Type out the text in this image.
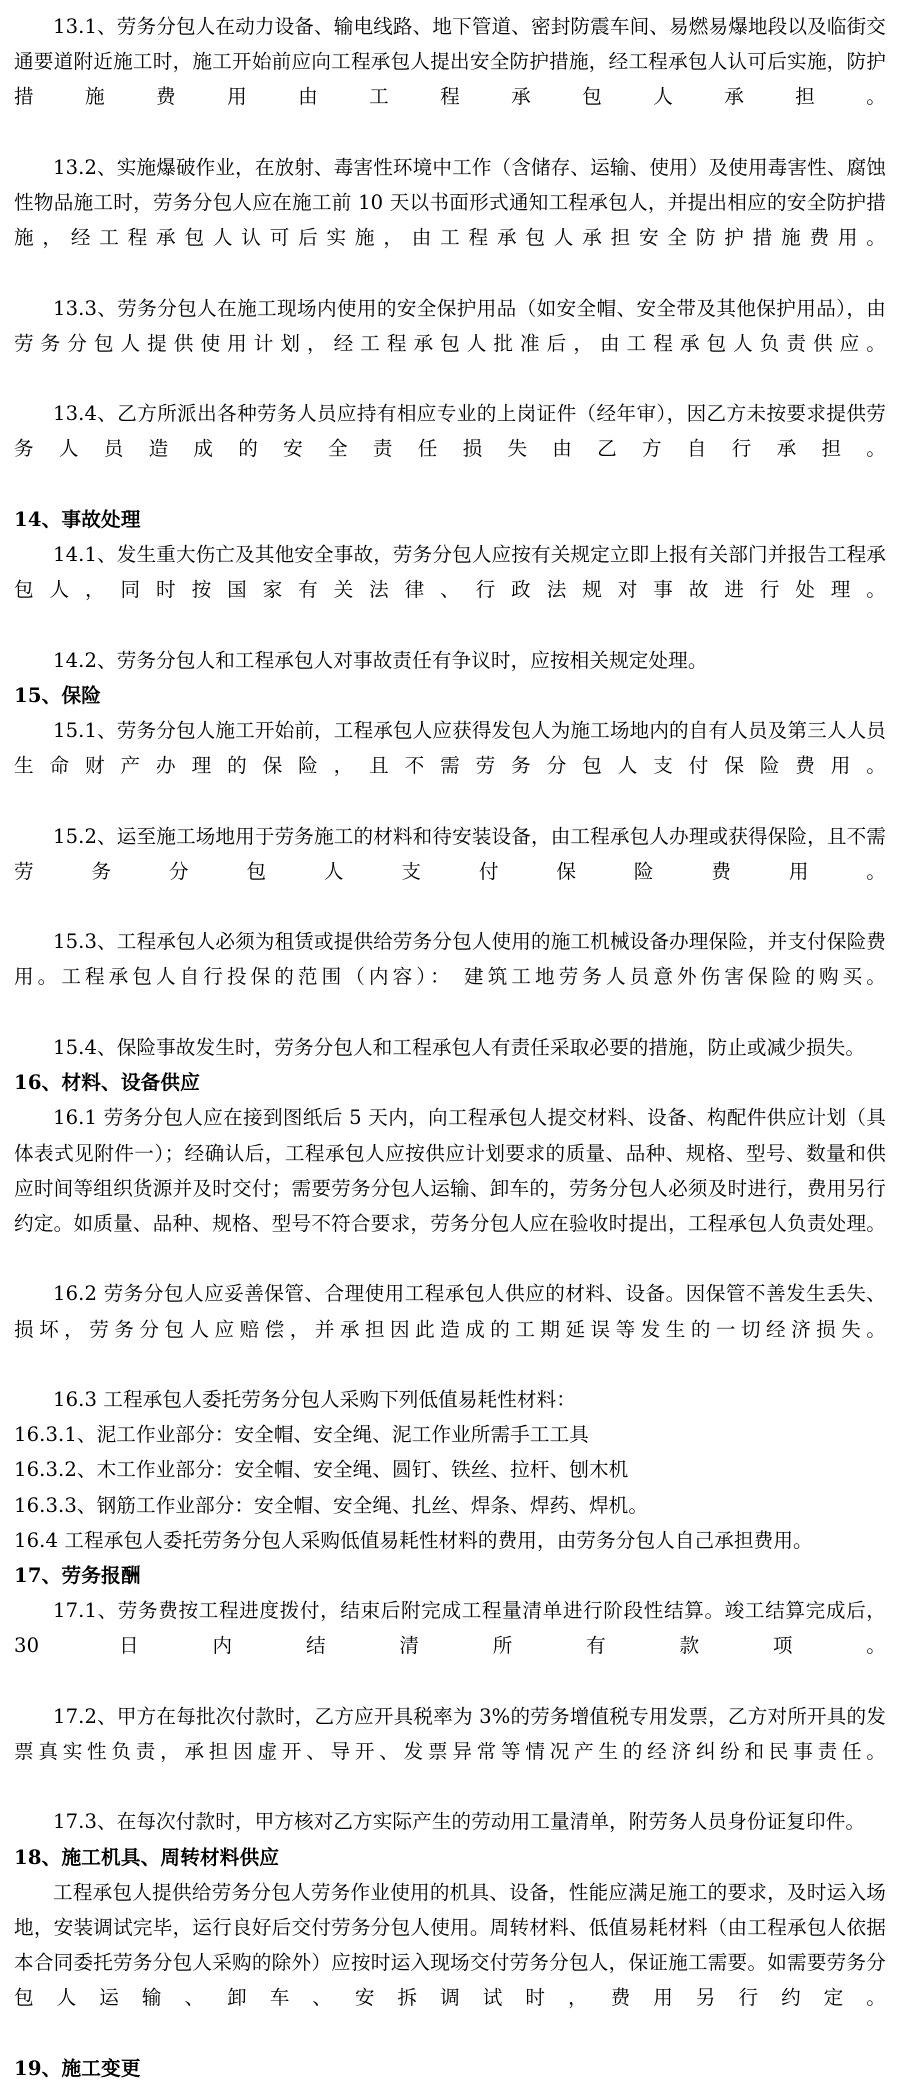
13.1、劳务分包人在动力设备、输电线路、地下管道、密封防震车间、易燃易爆地段以及临街交通要道附近施工时，施工开始前应向工程承包人提出安全防护措施，经工程承包人认可后实施，防护措施费用由工程承包人承担。

13.2、实施爆破作业，在放射、毒害性环境中工作（含储存、运输、使用）及使用毒害性、腐蚀性物品施工时，劳务分包人应在施工前 10 天以书面形式通知工程承包人，并提出相应的安全防护措施，经工程承包人认可后实施，由工程承包人承担安全防护措施费用。

13.3、劳务分包人在施工现场内使用的安全保护用品（如安全帽、安全带及其他保护用品），由劳务分包人提供使用计划，经工程承包人批准后，由工程承包人负责供应。

13.4、乙方所派出各种劳务人员应持有相应专业的上岗证件（经年审），因乙方未按要求提供劳务人员造成的安全责任损失由乙方自行承担。

14、事故处理

14.1、发生重大伤亡及其他安全事故，劳务分包人应按有关规定立即上报有关部门并报告工程承包人，同时按国家有关法律、行政法规对事故进行处理。

14.2、劳务分包人和工程承包人对事故责任有争议时，应按相关规定处理。

15、保险

15.1、劳务分包人施工开始前，工程承包人应获得发包人为施工场地内的自有人员及第三人人员生命财产办理的保险，且不需劳务分包人支付保险费用。

15.2、运至施工场地用于劳务施工的材料和待安装设备，由工程承包人办理或获得保险，且不需劳务分包人支付保险费用。

15.3、工程承包人必须为租赁或提供给劳务分包人使用的施工机械设备办理保险，并支付保险费用。工程承包人自行投保的范围（内容）： 建筑工地劳务人员意外伤害保险的购买。

15.4、保险事故发生时，劳务分包人和工程承包人有责任采取必要的措施，防止或减少损失。

16、材料、设备供应

16.1 劳务分包人应在接到图纸后 5 天内，向工程承包人提交材料、设备、构配件供应计划（具体表式见附件一）；经确认后，工程承包人应按供应计划要求的质量、品种、规格、型号、数量和供应时间等组织货源并及时交付；需要劳务分包人运输、卸车的，劳务分包人必须及时进行，费用另行约定。如质量、品种、规格、型号不符合要求，劳务分包人应在验收时提出，工程承包人负责处理。

16.2 劳务分包人应妥善保管、合理使用工程承包人供应的材料、设备。因保管不善发生丢失、损坏，劳务分包人应赔偿，并承担因此造成的工期延误等发生的一切经济损失。

16.3 工程承包人委托劳务分包人采购下列低值易耗性材料：

16.3.1、泥工作业部分：安全帽、安全绳、泥工作业所需手工工具

16.3.2、木工作业部分：安全帽、安全绳、圆钉、铁丝、拉杆、刨木机

16.3.3、钢筋工作业部分：安全帽、安全绳、扎丝、焊条、焊药、焊机。

16.4 工程承包人委托劳务分包人采购低值易耗性材料的费用，由劳务分包人自己承担费用。

17、劳务报酬

17.1、劳务费按工程进度拨付，结束后附完成工程量清单进行阶段性结算。竣工结算完成后，30 日内结清所有款项。

17.2、甲方在每批次付款时，乙方应开具税率为 3%的劳务增值税专用发票，乙方对所开具的发票真实性负责，承担因虚开、导开、发票异常等情况产生的经济纠纷和民事责任。

17.3、在每次付款时，甲方核对乙方实际产生的劳动用工量清单，附劳务人员身份证复印件。

18、施工机具、周转材料供应

工程承包人提供给劳务分包人劳务作业使用的机具、设备，性能应满足施工的要求，及时运入场地，安装调试完毕，运行良好后交付劳务分包人使用。周转材料、低值易耗材料（由工程承包人依据本合同委托劳务分包人采购的除外）应按时运入现场交付劳务分包人，保证施工需要。如需要劳务分包人运输、卸车、安拆调试时，费用另行约定。

19、施工变更
